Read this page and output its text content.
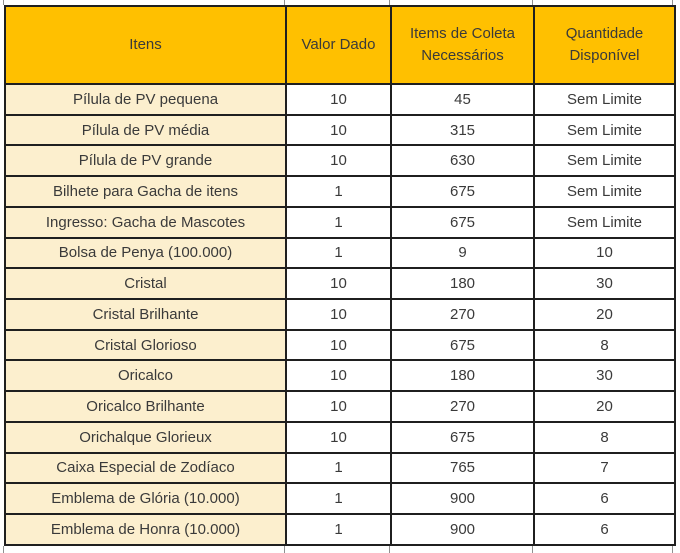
Itens	Valor Dado	Items de Coleta Necessários	Quantidade Disponível
Pílula de PV pequena	10	45	Sem Limite
Pílula de PV média	10	315	Sem Limite
Pílula de PV grande	10	630	Sem Limite
Bilhete para Gacha de itens	1	675	Sem Limite
Ingresso: Gacha de Mascotes	1	675	Sem Limite
Bolsa de Penya (100.000)	1	9	10
Cristal	10	180	30
Cristal Brilhante	10	270	20
Cristal Glorioso	10	675	8
Oricalco	10	180	30
Oricalco Brilhante	10	270	20
Orichalque Glorieux	10	675	8
Caixa Especial de Zodíaco	1	765	7
Emblema de Glória (10.000)	1	900	6
Emblema de Honra (10.000)	1	900	6
